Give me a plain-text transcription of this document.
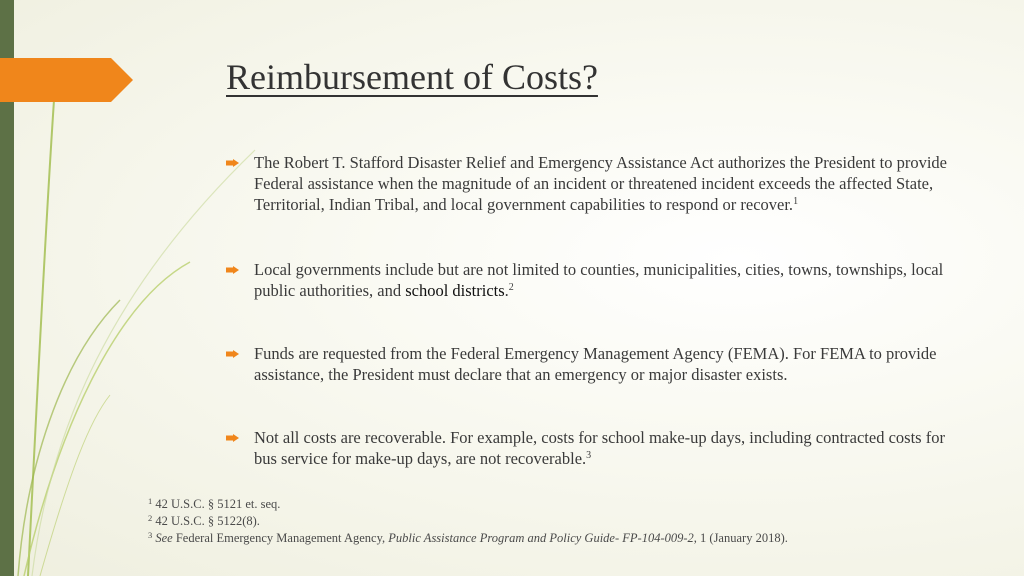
Reimbursement of Costs?
The Robert T. Stafford Disaster Relief and Emergency Assistance Act authorizes the President to provide Federal assistance when the magnitude of an incident or threatened incident exceeds the affected State, Territorial, Indian Tribal, and local government capabilities to respond or recover.$^1$
Local governments include but are not limited to counties, municipalities, cities, towns, townships, local public authorities, and school districts.$^2$
Funds are requested from the Federal Emergency Management Agency (FEMA). For FEMA to provide assistance, the President must declare that an emergency or major disaster exists.
Not all costs are recoverable. For example, costs for school make-up days, including contracted costs for bus service for make-up days, are not recoverable.$^3$
$^1$ 42 U.S.C. § 5121 et. seq.
$^2$ 42 U.S.C. § 5122(8).
$^3$ See Federal Emergency Management Agency, Public Assistance Program and Policy Guide- FP-104-009-2, 1 (January 2018).
